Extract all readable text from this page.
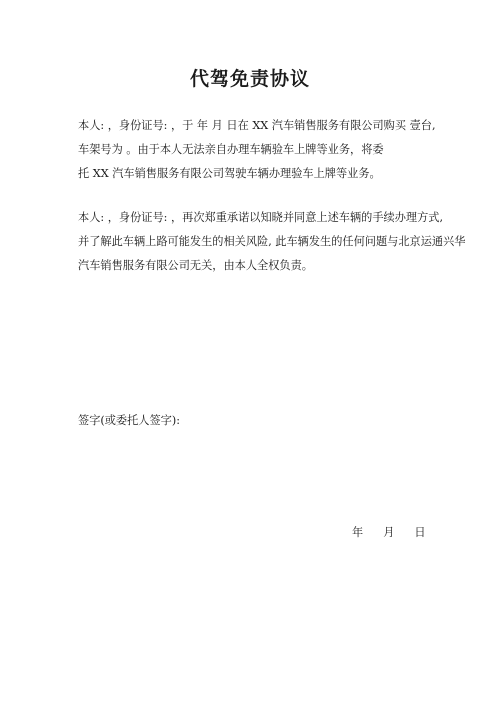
代驾免责协议
本人: ，身份证号: ，于 年 月 日在 XX 汽车销售服务有限公司购买 壹台,
车架号为 。由于本人无法亲自办理车辆验车上牌等业务，将委
托 XX 汽车销售服务有限公司驾驶车辆办理验车上牌等业务。
本人: ，身份证号: ，再次郑重承诺以知晓并同意上述车辆的手续办理方式,
并了解此车辆上路可能发生的相关风险, 此车辆发生的任何问题与北京运通兴华
汽车销售服务有限公司无关，由本人全权负责。
签字(或委托人签字):
年 月 日
